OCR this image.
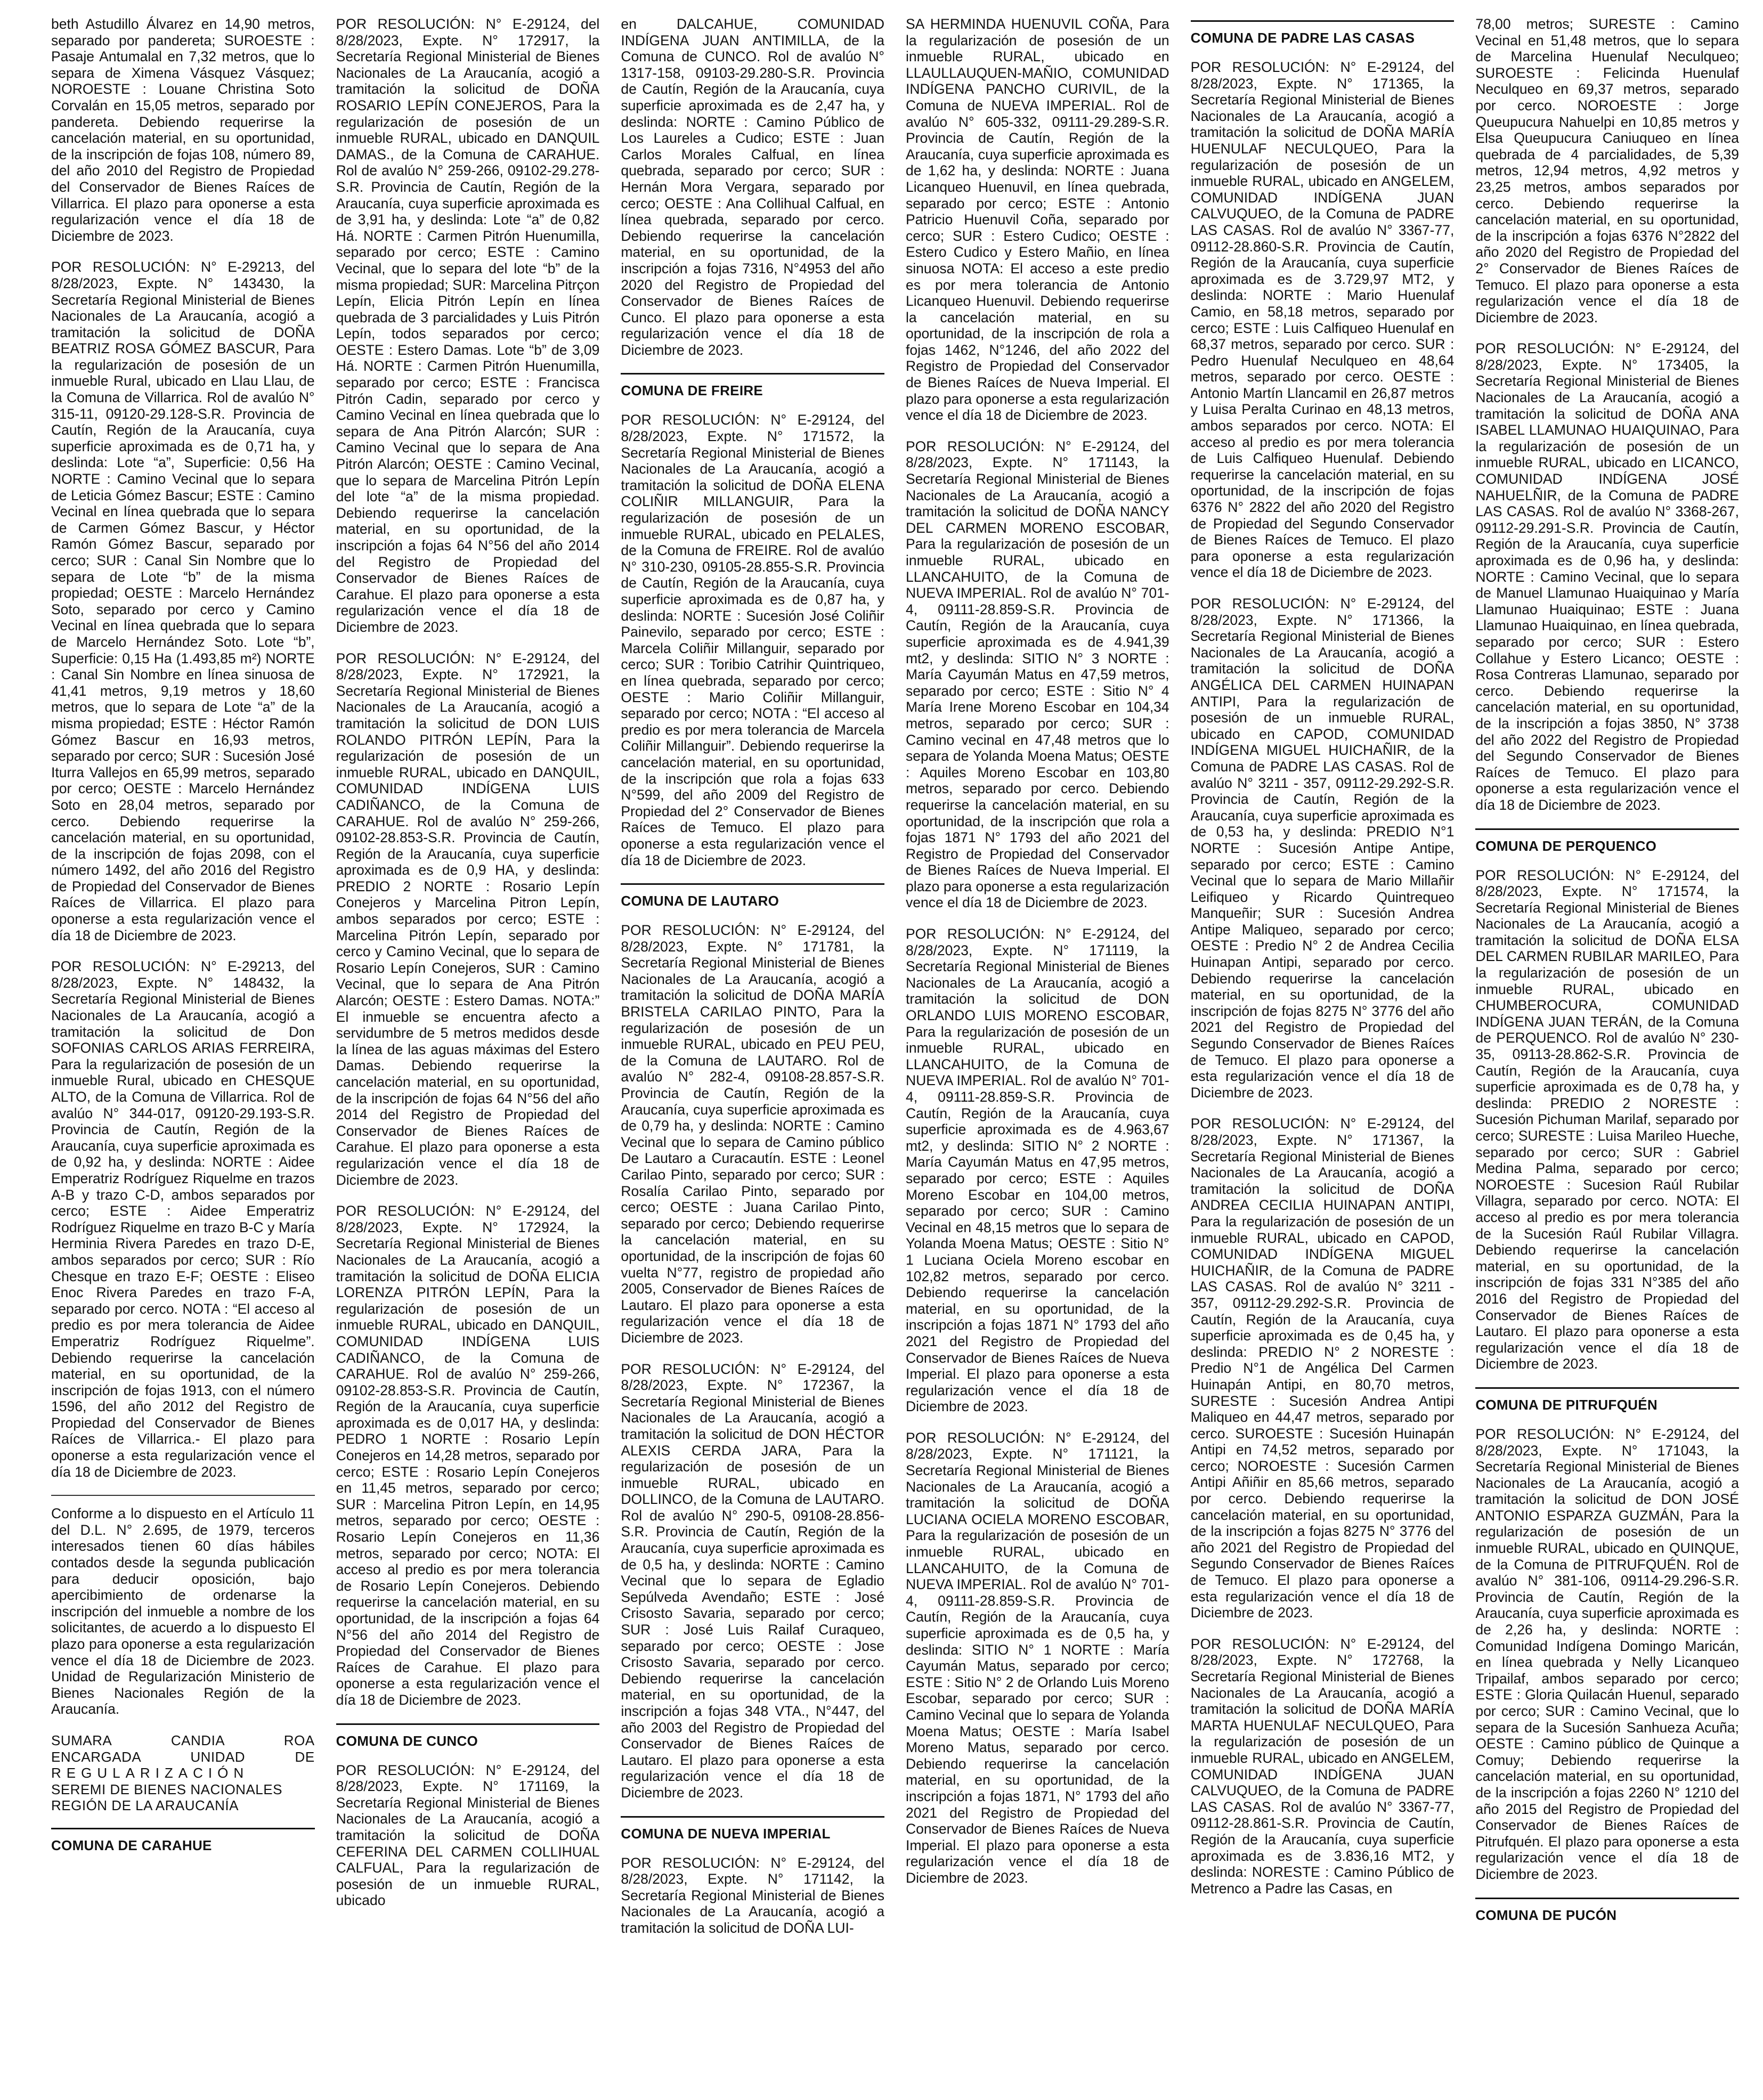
beth Astudillo Álvarez en 14,90 metros, separado por pandereta; SUROESTE : Pasaje Antumalal en 7,32 metros, que lo separa de Ximena Vásquez Vásquez; NOROESTE : Louane Christina Soto Corvalán en 15,05 metros, separado por pandereta. Debiendo requerirse la cancelación material, en su oportunidad, de la inscripción de fojas 108, número 89, del año 2010 del Registro de Propiedad del Conservador de Bienes Raíces de Villarrica. El plazo para oponerse a esta regularización vence el día 18 de Diciembre de 2023.

POR RESOLUCIÓN: N° E-29213, del 8/28/2023, Expte. N° 143430, la Secretaría Regional Ministerial de Bienes Nacionales de La Araucanía, acogió a tramitación la solicitud de DOÑA BEATRIZ ROSA GÓMEZ BASCUR, Para la regularización de posesión de un inmueble Rural, ubicado en Llau Llau, de la Comuna de Villarrica. Rol de avalúo N° 315-11, 09120-29.128-S.R. Provincia de Cautín, Región de la Araucanía, cuya superficie aproximada es de 0,71 ha, y deslinda: Lote “a”, Superficie: 0,56 Ha NORTE : Camino Vecinal que lo separa de Leticia Gómez Bascur; ESTE : Camino Vecinal en línea quebrada que lo separa de Carmen Gómez Bascur, y Héctor Ramón Gómez Bascur, separado por cerco; SUR : Canal Sin Nombre que lo separa de Lote “b” de la misma propiedad; OESTE : Marcelo Hernández Soto, separado por cerco y Camino Vecinal en línea quebrada que lo separa de Marcelo Hernández Soto. Lote “b”, Superficie: 0,15 Ha (1.493,85 m²) NORTE : Canal Sin Nombre en línea sinuosa de 41,41 metros, 9,19 metros y 18,60 metros, que lo separa de Lote “a” de la misma propiedad; ESTE : Héctor Ramón Gómez Bascur en 16,93 metros, separado por cerco; SUR : Sucesión José Iturra Vallejos en 65,99 metros, separado por cerco; OESTE : Marcelo Hernández Soto en 28,04 metros, separado por cerco. Debiendo requerirse la cancelación material, en su oportunidad, de la inscripción de fojas 2098, con el número 1492, del año 2016 del Registro de Propiedad del Conservador de Bienes Raíces de Villarrica. El plazo para oponerse a esta regularización vence el día 18 de Diciembre de 2023.

POR RESOLUCIÓN: N° E-29213, del 8/28/2023, Expte. N° 148432, la Secretaría Regional Ministerial de Bienes Nacionales de La Araucanía, acogió a tramitación la solicitud de Don SOFONIAS CARLOS ARIAS FERREIRA, Para la regularización de posesión de un inmueble Rural, ubicado en CHESQUE ALTO, de la Comuna de Villarrica. Rol de avalúo N° 344-017, 09120-29.193-S.R. Provincia de Cautín, Región de la Araucanía, cuya superficie aproximada es de 0,92 ha, y deslinda: NORTE : Aidee Emperatriz Rodríguez Riquelme en trazos A-B y trazo C-D, ambos separados por cerco; ESTE : Aidee Emperatriz Rodríguez Riquelme en trazo B-C y María Herminia Rivera Paredes en trazo D-E, ambos separados por cerco; SUR : Río Chesque en trazo E-F; OESTE : Eliseo Enoc Rivera Paredes en trazo F-A, separado por cerco. NOTA : “El acceso al predio es por mera tolerancia de Aidee Emperatriz Rodríguez Riquelme”. Debiendo requerirse la cancelación material, en su oportunidad, de la inscripción de fojas 1913, con el número 1596, del año 2012 del Registro de Propiedad del Conservador de Bienes Raíces de Villarrica.- El plazo para oponerse a esta regularización vence el día 18 de Diciembre de 2023.

Conforme a lo dispuesto en el Artículo 11 del D.L. N° 2.695, de 1979, terceros interesados tienen 60 días hábiles contados desde la segunda publicación para deducir oposición, bajo apercibimiento de ordenarse la inscripción del inmueble a nombre de los solicitantes, de acuerdo a lo dispuesto El plazo para oponerse a esta regularización vence el día 18 de Diciembre de 2023. Unidad de Regularización Ministerio de Bienes Nacionales Región de la Araucanía.

SUMARA CANDIA ROA
ENCARGADA UNIDAD DE
REGULARIZACIÓN
SEREMI DE BIENES NACIONALES
REGIÓN DE LA ARAUCANÍA
COMUNA DE CARAHUE

POR RESOLUCIÓN: N° E-29124, del 8/28/2023, Expte. N° 172917, la Secretaría Regional Ministerial de Bienes Nacionales de La Araucanía, acogió a tramitación la solicitud de DOÑA ROSARIO LEPÍN CONEJEROS, Para la regularización de posesión de un inmueble RURAL, ubicado en DANQUIL DAMAS., de la Comuna de CARAHUE. Rol de avalúo N° 259-266, 09102-29.278-S.R. Provincia de Cautín, Región de la Araucanía, cuya superficie aproximada es de 3,91 ha, y deslinda: Lote “a” de 0,82 Há. NORTE : Carmen Pitrón Huenumilla, separado por cerco; ESTE : Camino Vecinal, que lo separa del lote “b” de la misma propiedad; SUR: Marcelina Pitrçon Lepín, Elicia Pitrón Lepín en línea quebrada de 3 parcialidades y Luis Pitrón Lepín, todos separados por cerco; OESTE : Estero Damas. Lote “b” de 3,09 Há. NORTE : Carmen Pitrón Huenumilla, separado por cerco; ESTE : Francisca Pitrón Cadin, separado por cerco y Camino Vecinal en línea quebrada que lo separa de Ana Pitrón Alarcón; SUR : Camino Vecinal que lo separa de Ana Pitrón Alarcón; OESTE : Camino Vecinal, que lo separa de Marcelina Pitrón Lepín del lote “a” de la misma propiedad. Debiendo requerirse la cancelación material, en su oportunidad, de la inscripción a fojas 64 N°56 del año 2014 del Registro de Propiedad del Conservador de Bienes Raíces de Carahue. El plazo para oponerse a esta regularización vence el día 18 de Diciembre de 2023.

POR RESOLUCIÓN: N° E-29124, del 8/28/2023, Expte. N° 172921, la Secretaría Regional Ministerial de Bienes Nacionales de La Araucanía, acogió a tramitación la solicitud de DON LUIS ROLANDO PITRÓN LEPÍN, Para la regularización de posesión de un inmueble RURAL, ubicado en DANQUIL, COMUNIDAD INDÍGENA LUIS CADIÑANCO, de la Comuna de CARAHUE. Rol de avalúo N° 259-266, 09102-28.853-S.R. Provincia de Cautín, Región de la Araucanía, cuya superficie aproximada es de 0,9 HA, y deslinda: PREDIO 2 NORTE : Rosario Lepín Conejeros y Marcelina Pitron Lepín, ambos separados por cerco; ESTE : Marcelina Pitrón Lepín, separado por cerco y Camino Vecinal, que lo separa de Rosario Lepín Conejeros, SUR : Camino Vecinal, que lo separa de Ana Pitrón Alarcón; OESTE : Estero Damas. NOTA:” El inmueble se encuentra afecto a servidumbre de 5 metros medidos desde la línea de las aguas máximas del Estero Damas. Debiendo requerirse la cancelación material, en su oportunidad, de la inscripción de fojas 64 N°56 del año 2014 del Registro de Propiedad del Conservador de Bienes Raíces de Carahue. El plazo para oponerse a esta regularización vence el día 18 de Diciembre de 2023.

POR RESOLUCIÓN: N° E-29124, del 8/28/2023, Expte. N° 172924, la Secretaría Regional Ministerial de Bienes Nacionales de La Araucanía, acogió a tramitación la solicitud de DOÑA ELICIA LORENZA PITRÓN LEPÍN, Para la regularización de posesión de un inmueble RURAL, ubicado en DANQUIL, COMUNIDAD INDÍGENA LUIS CADIÑANCO, de la Comuna de CARAHUE. Rol de avalúo N° 259-266, 09102-28.853-S.R. Provincia de Cautín, Región de la Araucanía, cuya superficie aproximada es de 0,017 HA, y deslinda: PEDRO 1 NORTE : Rosario Lepín Conejeros en 14,28 metros, separado por cerco; ESTE : Rosario Lepín Conejeros en 11,45 metros, separado por cerco; SUR : Marcelina Pitron Lepín, en 14,95 metros, separado por cerco; OESTE : Rosario Lepín Conejeros en 11,36 metros, separado por cerco; NOTA: El acceso al predio es por mera tolerancia de Rosario Lepín Conejeros. Debiendo requerirse la cancelación material, en su oportunidad, de la inscripción a fojas 64 N°56 del año 2014 del Registro de Propiedad del Conservador de Bienes Raíces de Carahue. El plazo para oponerse a esta regularización vence el día 18 de Diciembre de 2023.

COMUNA DE CUNCO

POR RESOLUCIÓN: N° E-29124, del 8/28/2023, Expte. N° 171169, la Secretaría Regional Ministerial de Bienes Nacionales de La Araucanía, acogió a tramitación la solicitud de DOÑA CEFERINA DEL CARMEN COLLIHUAL CALFUAL, Para la regularización de posesión de un inmueble RURAL, ubicado

en DALCAHUE, COMUNIDAD INDÍGENA JUAN ANTIMILLA, de la Comuna de CUNCO. Rol de avalúo N° 1317-158, 09103-29.280-S.R. Provincia de Cautín, Región de la Araucanía, cuya superficie aproximada es de 2,47 ha, y deslinda: NORTE : Camino Público de Los Laureles a Cudico; ESTE : Juan Carlos Morales Calfual, en línea quebrada, separado por cerco; SUR : Hernán Mora Vergara, separado por cerco; OESTE : Ana Collihual Calfual, en línea quebrada, separado por cerco. Debiendo requerirse la cancelación material, en su oportunidad, de la inscripción a fojas 7316, N°4953 del año 2020 del Registro de Propiedad del Conservador de Bienes Raíces de Cunco. El plazo para oponerse a esta regularización vence el día 18 de Diciembre de 2023.

COMUNA DE FREIRE

POR RESOLUCIÓN: N° E-29124, del 8/28/2023, Expte. N° 171572, la Secretaría Regional Ministerial de Bienes Nacionales de La Araucanía, acogió a tramitación la solicitud de DOÑA ELENA COLIÑIR MILLANGUIR, Para la regularización de posesión de un inmueble RURAL, ubicado en PELALES, de la Comuna de FREIRE. Rol de avalúo N° 310-230, 09105-28.855-S.R. Provincia de Cautín, Región de la Araucanía, cuya superficie aproximada es de 0,87 ha, y deslinda: NORTE : Sucesión José Coliñir Painevilo, separado por cerco; ESTE : Marcela Coliñir Millanguir, separado por cerco; SUR : Toribio Catrihir Quintriqueo, en línea quebrada, separado por cerco; OESTE : Mario Coliñir Millanguir, separado por cerco; NOTA : “El acceso al predio es por mera tolerancia de Marcela Coliñir Millanguir”. Debiendo requerirse la cancelación material, en su oportunidad, de la inscripción que rola a fojas 633 N°599, del año 2009 del Registro de Propiedad del 2° Conservador de Bienes Raíces de Temuco. El plazo para oponerse a esta regularización vence el día 18 de Diciembre de 2023.

COMUNA DE LAUTARO

POR RESOLUCIÓN: N° E-29124, del 8/28/2023, Expte. N° 171781, la Secretaría Regional Ministerial de Bienes Nacionales de La Araucanía, acogió a tramitación la solicitud de DOÑA MARÍA BRISTELA CARILAO PINTO, Para la regularización de posesión de un inmueble RURAL, ubicado en PEU PEU, de la Comuna de LAUTARO. Rol de avalúo N° 282-4, 09108-28.857-S.R. Provincia de Cautín, Región de la Araucanía, cuya superficie aproximada es de 0,79 ha, y deslinda: NORTE : Camino Vecinal que lo separa de Camino público De Lautaro a Curacautín. ESTE : Leonel Carilao Pinto, separado por cerco; SUR : Rosalía Carilao Pinto, separado por cerco; OESTE : Juana Carilao Pinto, separado por cerco; Debiendo requerirse la cancelación material, en su oportunidad, de la inscripción de fojas 60 vuelta N°77, registro de propiedad año 2005, Conservador de Bienes Raíces de Lautaro. El plazo para oponerse a esta regularización vence el día 18 de Diciembre de 2023.

POR RESOLUCIÓN: N° E-29124, del 8/28/2023, Expte. N° 172367, la Secretaría Regional Ministerial de Bienes Nacionales de La Araucanía, acogió a tramitación la solicitud de DON HÉCTOR ALEXIS CERDA JARA, Para la regularización de posesión de un inmueble RURAL, ubicado en DOLLINCO, de la Comuna de LAUTARO. Rol de avalúo N° 290-5, 09108-28.856-S.R. Provincia de Cautín, Región de la Araucanía, cuya superficie aproximada es de 0,5 ha, y deslinda: NORTE : Camino Vecinal que lo separa de Egladio Sepúlveda Avendaño; ESTE : José Crisosto Savaria, separado por cerco; SUR : José Luis Railaf Curaqueo, separado por cerco; OESTE : Jose Crisosto Savaria, separado por cerco. Debiendo requerirse la cancelación material, en su oportunidad, de la inscripción a fojas 348 VTA., N°447, del año 2003 del Registro de Propiedad del Conservador de Bienes Raíces de Lautaro. El plazo para oponerse a esta regularización vence el día 18 de Diciembre de 2023.

COMUNA DE NUEVA IMPERIAL

POR RESOLUCIÓN: N° E-29124, del 8/28/2023, Expte. N° 171142, la Secretaría Regional Ministerial de Bienes Nacionales de La Araucanía, acogió a tramitación la solicitud de DOÑA LUI-

SA HERMINDA HUENUVIL COÑA, Para la regularización de posesión de un inmueble RURAL, ubicado en LLAULLAUQUEN-MAÑIO, COMUNIDAD INDÍGENA PANCHO CURIVIL, de la Comuna de NUEVA IMPERIAL. Rol de avalúo N° 605-332, 09111-29.289-S.R. Provincia de Cautín, Región de la Araucanía, cuya superficie aproximada es de 1,62 ha, y deslinda: NORTE : Juana Licanqueo Huenuvil, en línea quebrada, separado por cerco; ESTE : Antonio Patricio Huenuvil Coña, separado por cerco; SUR : Estero Cudico; OESTE : Estero Cudico y Estero Mañio, en línea sinuosa NOTA: El acceso a este predio es por mera tolerancia de Antonio Licanqueo Huenuvil. Debiendo requerirse la cancelación material, en su oportunidad, de la inscripción de rola a fojas 1462, N°1246, del año 2022 del Registro de Propiedad del Conservador de Bienes Raíces de Nueva Imperial. El plazo para oponerse a esta regularización vence el día 18 de Diciembre de 2023.

POR RESOLUCIÓN: N° E-29124, del 8/28/2023, Expte. N° 171143, la Secretaría Regional Ministerial de Bienes Nacionales de La Araucanía, acogió a tramitación la solicitud de DOÑA NANCY DEL CARMEN MORENO ESCOBAR, Para la regularización de posesión de un inmueble RURAL, ubicado en LLANCAHUITO, de la Comuna de NUEVA IMPERIAL. Rol de avalúo N° 701-4, 09111-28.859-S.R. Provincia de Cautín, Región de la Araucanía, cuya superficie aproximada es de 4.941,39 mt2, y deslinda: SITIO N° 3 NORTE : María Cayumán Matus en 47,59 metros, separado por cerco; ESTE : Sitio N° 4 María Irene Moreno Escobar en 104,34 metros, separado por cerco; SUR : Camino vecinal en 47,48 metros que lo separa de Yolanda Moena Matus; OESTE : Aquiles Moreno Escobar en 103,80 metros, separado por cerco. Debiendo requerirse la cancelación material, en su oportunidad, de la inscripción que rola a fojas 1871 N° 1793 del año 2021 del Registro de Propiedad del Conservador de Bienes Raíces de Nueva Imperial. El plazo para oponerse a esta regularización vence el día 18 de Diciembre de 2023.

POR RESOLUCIÓN: N° E-29124, del 8/28/2023, Expte. N° 171119, la Secretaría Regional Ministerial de Bienes Nacionales de La Araucanía, acogió a tramitación la solicitud de DON ORLANDO LUIS MORENO ESCOBAR, Para la regularización de posesión de un inmueble RURAL, ubicado en LLANCAHUITO, de la Comuna de NUEVA IMPERIAL. Rol de avalúo N° 701-4, 09111-28.859-S.R. Provincia de Cautín, Región de la Araucanía, cuya superficie aproximada es de 4.963,67 mt2, y deslinda: SITIO N° 2 NORTE : María Cayumán Matus en 47,95 metros, separado por cerco; ESTE : Aquiles Moreno Escobar en 104,00 metros, separado por cerco; SUR : Camino Vecinal en 48,15 metros que lo separa de Yolanda Moena Matus; OESTE : Sitio N° 1 Luciana Ociela Moreno escobar en 102,82 metros, separado por cerco. Debiendo requerirse la cancelación material, en su oportunidad, de la inscripción a fojas 1871 N° 1793 del año 2021 del Registro de Propiedad del Conservador de Bienes Raíces de Nueva Imperial. El plazo para oponerse a esta regularización vence el día 18 de Diciembre de 2023.

POR RESOLUCIÓN: N° E-29124, del 8/28/2023, Expte. N° 171121, la Secretaría Regional Ministerial de Bienes Nacionales de La Araucanía, acogió a tramitación la solicitud de DOÑA LUCIANA OCIELA MORENO ESCOBAR, Para la regularización de posesión de un inmueble RURAL, ubicado en LLANCAHUITO, de la Comuna de NUEVA IMPERIAL. Rol de avalúo N° 701-4, 09111-28.859-S.R. Provincia de Cautín, Región de la Araucanía, cuya superficie aproximada es de 0,5 ha, y deslinda: SITIO N° 1 NORTE : María Cayumán Matus, separado por cerco; ESTE : Sitio N° 2 de Orlando Luis Moreno Escobar, separado por cerco; SUR : Camino Vecinal que lo separa de Yolanda Moena Matus; OESTE : María Isabel Moreno Matus, separado por cerco. Debiendo requerirse la cancelación material, en su oportunidad, de la inscripción a fojas 1871, N° 1793 del año 2021 del Registro de Propiedad del Conservador de Bienes Raíces de Nueva Imperial. El plazo para oponerse a esta regularización vence el día 18 de Diciembre de 2023.

COMUNA DE PADRE LAS CASAS

POR RESOLUCIÓN: N° E-29124, del 8/28/2023, Expte. N° 171365, la Secretaría Regional Ministerial de Bienes Nacionales de La Araucanía, acogió a tramitación la solicitud de DOÑA MARÍA HUENULAF NECULQUEO, Para la regularización de posesión de un inmueble RURAL, ubicado en ANGELEM, COMUNIDAD INDÍGENA JUAN CALVUQUEO, de la Comuna de PADRE LAS CASAS. Rol de avalúo N° 3367-77, 09112-28.860-S.R. Provincia de Cautín, Región de la Araucanía, cuya superficie aproximada es de 3.729,97 MT2, y deslinda: NORTE : Mario Huenulaf Camio, en 58,18 metros, separado por cerco; ESTE : Luis Calfiqueo Huenulaf en 68,37 metros, separado por cerco. SUR : Pedro Huenulaf Neculqueo en 48,64 metros, separado por cerco. OESTE : Antonio Martín Llancamil en 26,87 metros y Luisa Peralta Curinao en 48,13 metros, ambos separados por cerco. NOTA: El acceso al predio es por mera tolerancia de Luis Calfiqueo Huenulaf. Debiendo requerirse la cancelación material, en su oportunidad, de la inscripción de fojas 6376 N° 2822 del año 2020 del Registro de Propiedad del Segundo Conservador de Bienes Raíces de Temuco. El plazo para oponerse a esta regularización vence el día 18 de Diciembre de 2023.

POR RESOLUCIÓN: N° E-29124, del 8/28/2023, Expte. N° 171366, la Secretaría Regional Ministerial de Bienes Nacionales de La Araucanía, acogió a tramitación la solicitud de DOÑA ANGÉLICA DEL CARMEN HUINAPAN ANTIPI, Para la regularización de posesión de un inmueble RURAL, ubicado en CAPOD, COMUNIDAD INDÍGENA MIGUEL HUICHAÑIR, de la Comuna de PADRE LAS CASAS. Rol de avalúo N° 3211 - 357, 09112-29.292-S.R. Provincia de Cautín, Región de la Araucanía, cuya superficie aproximada es de 0,53 ha, y deslinda: PREDIO N°1 NORTE : Sucesión Antipe Antipe, separado por cerco; ESTE : Camino Vecinal que lo separa de Mario Millañir Leifiqueo y Ricardo Quintrequeo Manqueñir; SUR : Sucesión Andrea Antipe Maliqueo, separado por cerco; OESTE : Predio N° 2 de Andrea Cecilia Huinapan Antipi, separado por cerco. Debiendo requerirse la cancelación material, en su oportunidad, de la inscripción de fojas 8275 N° 3776 del año 2021 del Registro de Propiedad del Segundo Conservador de Bienes Raíces de Temuco. El plazo para oponerse a esta regularización vence el día 18 de Diciembre de 2023.

POR RESOLUCIÓN: N° E-29124, del 8/28/2023, Expte. N° 171367, la Secretaría Regional Ministerial de Bienes Nacionales de La Araucanía, acogió a tramitación la solicitud de DOÑA ANDREA CECILIA HUINAPAN ANTIPI, Para la regularización de posesión de un inmueble RURAL, ubicado en CAPOD, COMUNIDAD INDÍGENA MIGUEL HUICHAÑIR, de la Comuna de PADRE LAS CASAS. Rol de avalúo N° 3211 - 357, 09112-29.292-S.R. Provincia de Cautín, Región de la Araucanía, cuya superficie aproximada es de 0,45 ha, y deslinda: PREDIO N° 2 NORESTE : Predio N°1 de Angélica Del Carmen Huinapán Antipi, en 80,70 metros, SURESTE : Sucesión Andrea Antipi Maliqueo en 44,47 metros, separado por cerco. SUROESTE : Sucesión Huinapán Antipi en 74,52 metros, separado por cerco; NOROESTE : Sucesión Carmen Antipi Añiñir en 85,66 metros, separado por cerco. Debiendo requerirse la cancelación material, en su oportunidad, de la inscripción a fojas 8275 N° 3776 del año 2021 del Registro de Propiedad del Segundo Conservador de Bienes Raíces de Temuco. El plazo para oponerse a esta regularización vence el día 18 de Diciembre de 2023.

POR RESOLUCIÓN: N° E-29124, del 8/28/2023, Expte. N° 172768, la Secretaría Regional Ministerial de Bienes Nacionales de La Araucanía, acogió a tramitación la solicitud de DOÑA MARÍA MARTA HUENULAF NECULQUEO, Para la regularización de posesión de un inmueble RURAL, ubicado en ANGELEM, COMUNIDAD INDÍGENA JUAN CALVUQUEO, de la Comuna de PADRE LAS CASAS. Rol de avalúo N° 3367-77, 09112-28.861-S.R. Provincia de Cautín, Región de la Araucanía, cuya superficie aproximada es de 3.836,16 MT2, y deslinda: NORESTE : Camino Público de Metrenco a Padre las Casas, en

78,00 metros; SURESTE : Camino Vecinal en 51,48 metros, que lo separa de Marcelina Huenulaf Neculqueo; SUROESTE : Felicinda Huenulaf Neculqueo en 69,37 metros, separado por cerco. NOROESTE : Jorge Queupucura Nahuelpi en 10,85 metros y Elsa Queupucura Caniuqueo en línea quebrada de 4 parcialidades, de 5,39 metros, 12,94 metros, 4,92 metros y 23,25 metros, ambos separados por cerco. Debiendo requerirse la cancelación material, en su oportunidad, de la inscripción a fojas 6376 N°2822 del año 2020 del Registro de Propiedad del 2° Conservador de Bienes Raíces de Temuco. El plazo para oponerse a esta regularización vence el día 18 de Diciembre de 2023.

POR RESOLUCIÓN: N° E-29124, del 8/28/2023, Expte. N° 173405, la Secretaría Regional Ministerial de Bienes Nacionales de La Araucanía, acogió a tramitación la solicitud de DOÑA ANA ISABEL LLAMUNAO HUAIQUINAO, Para la regularización de posesión de un inmueble RURAL, ubicado en LICANCO, COMUNIDAD INDÍGENA JOSÉ NAHUELÑIR, de la Comuna de PADRE LAS CASAS. Rol de avalúo N° 3368-267, 09112-29.291-S.R. Provincia de Cautín, Región de la Araucanía, cuya superficie aproximada es de 0,96 ha, y deslinda: NORTE : Camino Vecinal, que lo separa de Manuel Llamunao Huaiquinao y María Llamunao Huaiquinao; ESTE : Juana Llamunao Huaiquinao, en línea quebrada, separado por cerco; SUR : Estero Collahue y Estero Licanco; OESTE : Rosa Contreras Llamunao, separado por cerco. Debiendo requerirse la cancelación material, en su oportunidad, de la inscripción a fojas 3850, N° 3738 del año 2022 del Registro de Propiedad del Segundo Conservador de Bienes Raíces de Temuco. El plazo para oponerse a esta regularización vence el día 18 de Diciembre de 2023.

COMUNA DE PERQUENCO

POR RESOLUCIÓN: N° E-29124, del 8/28/2023, Expte. N° 171574, la Secretaría Regional Ministerial de Bienes Nacionales de La Araucanía, acogió a tramitación la solicitud de DOÑA ELSA DEL CARMEN RUBILAR MARILEO, Para la regularización de posesión de un inmueble RURAL, ubicado en CHUMBEROCURA, COMUNIDAD INDÍGENA JUAN TERÁN, de la Comuna de PERQUENCO. Rol de avalúo N° 230-35, 09113-28.862-S.R. Provincia de Cautín, Región de la Araucanía, cuya superficie aproximada es de 0,78 ha, y deslinda: PREDIO 2 NORESTE : Sucesión Pichuman Marilaf, separado por cerco; SURESTE : Luisa Marileo Hueche, separado por cerco; SUR : Gabriel Medina Palma, separado por cerco; NOROESTE : Sucesion Raúl Rubilar Villagra, separado por cerco. NOTA: El acceso al predio es por mera tolerancia de la Sucesión Raúl Rubilar Villagra. Debiendo requerirse la cancelación material, en su oportunidad, de la inscripción de fojas 331 N°385 del año 2016 del Registro de Propiedad del Conservador de Bienes Raíces de Lautaro. El plazo para oponerse a esta regularización vence el día 18 de Diciembre de 2023.

COMUNA DE PITRUFQUÉN

POR RESOLUCIÓN: N° E-29124, del 8/28/2023, Expte. N° 171043, la Secretaría Regional Ministerial de Bienes Nacionales de La Araucanía, acogió a tramitación la solicitud de DON JOSÉ ANTONIO ESPARZA GUZMÁN, Para la regularización de posesión de un inmueble RURAL, ubicado en QUINQUE, de la Comuna de PITRUFQUÉN. Rol de avalúo N° 381-106, 09114-29.296-S.R. Provincia de Cautín, Región de la Araucanía, cuya superficie aproximada es de 2,26 ha, y deslinda: NORTE : Comunidad Indígena Domingo Maricán, en línea quebrada y Nelly Licanqueo Tripailaf, ambos separado por cerco; ESTE : Gloria Quilacán Huenul, separado por cerco; SUR : Camino Vecinal, que lo separa de la Sucesión Sanhueza Acuña; OESTE : Camino público de Quinque a Comuy; Debiendo requerirse la cancelación material, en su oportunidad, de la inscripción a fojas 2260 N° 1210 del año 2015 del Registro de Propiedad del Conservador de Bienes Raíces de Pitrufquén. El plazo para oponerse a esta regularización vence el día 18 de Diciembre de 2023.

COMUNA DE PUCÓN
